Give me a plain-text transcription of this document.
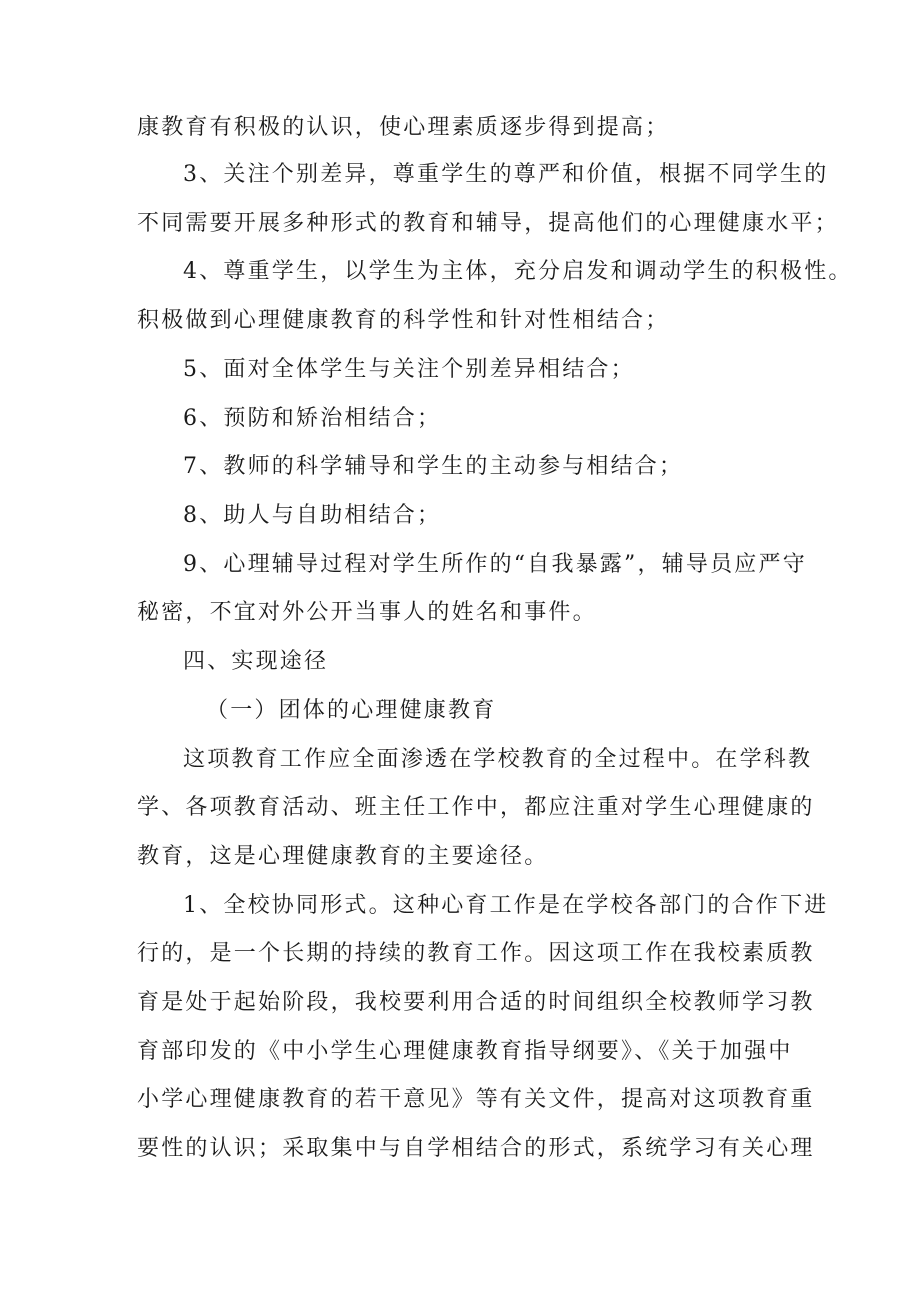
康教育有积极的认识，使心理素质逐步得到提高；
3、关注个别差异，尊重学生的尊严和价值，根据不同学生的
不同需要开展多种形式的教育和辅导，提高他们的心理健康水平；
4、尊重学生，以学生为主体，充分启发和调动学生的积极性。
积极做到心理健康教育的科学性和针对性相结合；
5、面对全体学生与关注个别差异相结合；
6、预防和矫治相结合；
7、教师的科学辅导和学生的主动参与相结合；
8、助人与自助相结合；
9、心理辅导过程对学生所作的“自我暴露”，辅导员应严守
秘密，不宜对外公开当事人的姓名和事件。
四、实现途径
（一）团体的心理健康教育
这项教育工作应全面渗透在学校教育的全过程中。在学科教
学、各项教育活动、班主任工作中，都应注重对学生心理健康的
教育，这是心理健康教育的主要途径。
1、全校协同形式。这种心育工作是在学校各部门的合作下进
行的，是一个长期的持续的教育工作。因这项工作在我校素质教
育是处于起始阶段，我校要利用合适的时间组织全校教师学习教
育部印发的《中小学生心理健康教育指导纲要》、《关于加强中
小学心理健康教育的若干意见》等有关文件，提高对这项教育重
要性的认识；采取集中与自学相结合的形式，系统学习有关心理
